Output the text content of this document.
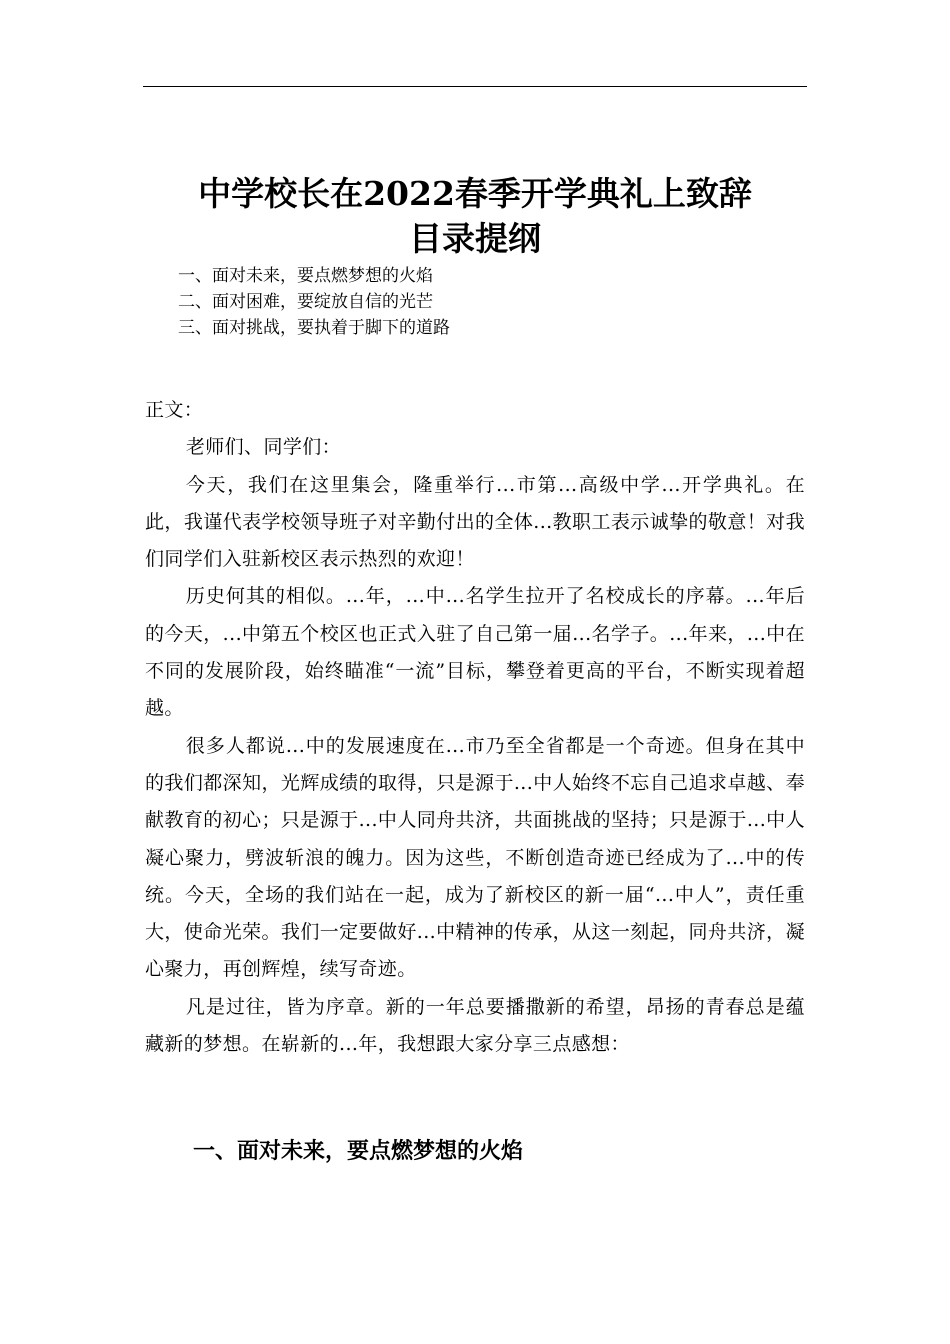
中学校长在2022春季开学典礼上致辞
目录提纲
一、面对未来，要点燃梦想的火焰
二、面对困难，要绽放自信的光芒
三、面对挑战，要执着于脚下的道路

正文：

老师们、同学们：

今天，我们在这里集会，隆重举行...市第...高级中学...开学典礼。在此，我谨代表学校领导班子对辛勤付出的全体...教职工表示诚挚的敬意！对我们同学们入驻新校区表示热烈的欢迎！

历史何其的相似。...年，...中...名学生拉开了名校成长的序幕。...年后的今天，...中第五个校区也正式入驻了自己第一届...名学子。...年来，...中在不同的发展阶段，始终瞄准“一流”目标，攀登着更高的平台，不断实现着超越。

很多人都说...中的发展速度在...市乃至全省都是一个奇迹。但身在其中的我们都深知，光辉成绩的取得，只是源于...中人始终不忘自己追求卓越、奉献教育的初心；只是源于...中人同舟共济，共面挑战的坚持；只是源于...中人凝心聚力，劈波斩浪的魄力。因为这些，不断创造奇迹已经成为了...中的传统。今天，全场的我们站在一起，成为了新校区的新一届“...中人”，责任重大，使命光荣。我们一定要做好...中精神的传承，从这一刻起，同舟共济，凝心聚力，再创辉煌，续写奇迹。

凡是过往，皆为序章。新的一年总要播撒新的希望，昂扬的青春总是蕴藏新的梦想。在崭新的...年，我想跟大家分享三点感想：

一、面对未来，要点燃梦想的火焰
